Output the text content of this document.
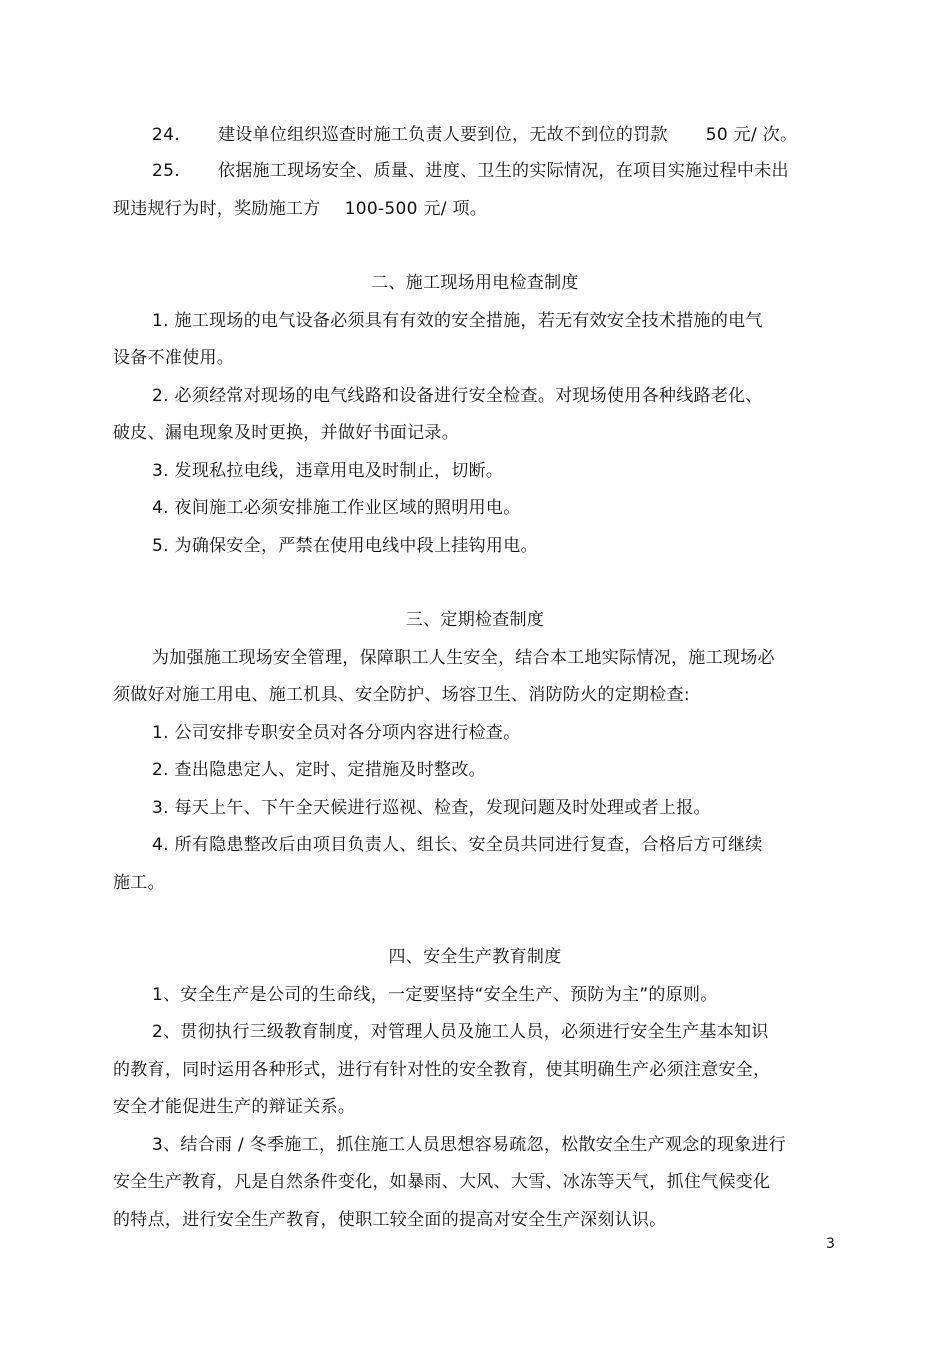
24. 建设单位组织巡查时施工负责人要到位，无故不到位的罚款 50 元/ 次。
25. 依据施工现场安全、质量、进度、卫生的实际情况，在项目实施过程中未出
现违规行为时，奖励施工方 100-500 元/ 项。
二、施工现场用电检查制度
1. 施工现场的电气设备必须具有有效的安全措施，若无有效安全技术措施的电气
设备不准使用。
2. 必须经常对现场的电气线路和设备进行安全检查。对现场使用各种线路老化、
破皮、漏电现象及时更换，并做好书面记录。
3. 发现私拉电线，违章用电及时制止，切断。
4. 夜间施工必须安排施工作业区域的照明用电。
5. 为确保安全，严禁在使用电线中段上挂钩用电。
三、定期检查制度
为加强施工现场安全管理，保障职工人生安全，结合本工地实际情况，施工现场必
须做好对施工用电、施工机具、安全防护、场容卫生、消防防火的定期检查:
1. 公司安排专职安全员对各分项内容进行检查。
2. 查出隐患定人、定时、定措施及时整改。
3. 每天上午、下午全天候进行巡视、检查，发现问题及时处理或者上报。
4. 所有隐患整改后由项目负责人、组长、安全员共同进行复查，合格后方可继续
施工。
四、安全生产教育制度
1、安全生产是公司的生命线，一定要坚持“安全生产、预防为主”的原则。
2、贯彻执行三级教育制度，对管理人员及施工人员，必须进行安全生产基本知识
的教育，同时运用各种形式，进行有针对性的安全教育，使其明确生产必须注意安全，
安全才能促进生产的辩证关系。
3、结合雨 / 冬季施工，抓住施工人员思想容易疏忽，松散安全生产观念的现象进行
安全生产教育，凡是自然条件变化，如暴雨、大风、大雪、冰冻等天气，抓住气候变化
的特点，进行安全生产教育，使职工较全面的提高对安全生产深刻认识。
3
